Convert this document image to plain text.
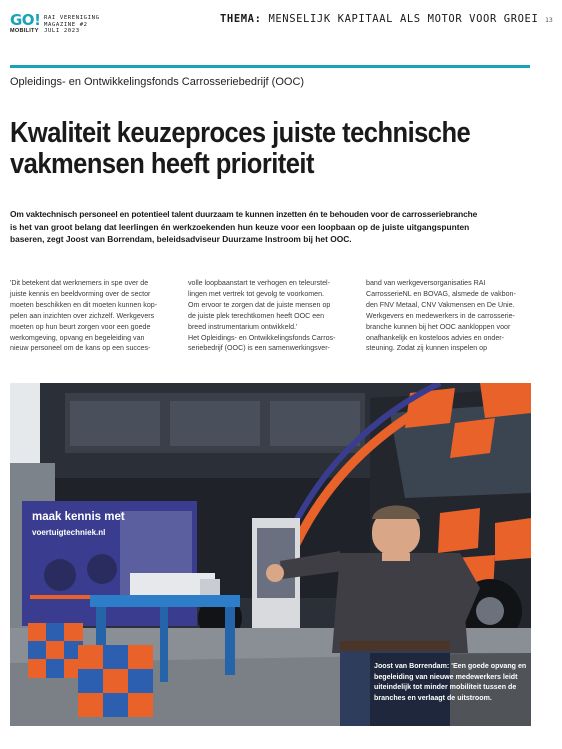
GO!
MOBILITY
RAI VERENIGING
MAGAZINE #2
JULI 2023
THEMA: MENSELIJK KAPITAAL ALS MOTOR VOOR GROEI 13
Opleidings- en Ontwikkelingsfonds Carrosseriebedrijf (OOC)
Kwaliteit keuzeproces juiste technische
vakmensen heeft prioriteit
Om vaktechnisch personeel en potentieel talent duurzaam te kunnen inzetten én te behouden voor de carrosseriebranche
is het van groot belang dat leerlingen én werkzoekenden hun keuze voor een loopbaan op de juiste uitgangspunten
baseren, zegt Joost van Borrendam, beleidsadviseur Duurzame Instroom bij het OOC.
'Dit betekent dat werknemers in spe over de
juiste kennis en beeldvorming over de sector
moeten beschikken en dit moeten kunnen kop-
pelen aan inzichten over zichzelf. Werkgevers
moeten op hun beurt zorgen voor een goede
werkomgeving, opvang en begeleiding van
nieuw personeel om de kans op een succes-
volle loopbaanstart te verhogen en teleurstel-
lingen met vertrek tot gevolg te voorkomen.
Om ervoor te zorgen dat de juiste mensen op
de juiste plek terechtkomen heeft OOC een
breed instrumentarium ontwikkeld.'
Het Opleidings- en Ontwikkelingsfonds Carros-
seriebedrijf (OOC) is een samenwerkingsver-
band van werkgeversorganisaties RAI
CarrosserieNL en BOVAG, alsmede de vakbon-
den FNV Metaal, CNV Vakmensen en De Unie.
Werkgevers en medewerkers in de carrosserie-
branche kunnen bij het OOC aankloppen voor
onafhankelijk en kosteloos advies en onder-
steuning. Zodat zij kunnen inspelen op
maak kennis met
voertuigtechniek.nl
Joost van Borrendam: 'Een goede opvang en
begeleiding van nieuwe medewerkers leidt
uiteindelijk tot minder mobiliteit tussen de
branches en verlaagt de uitstroom.
